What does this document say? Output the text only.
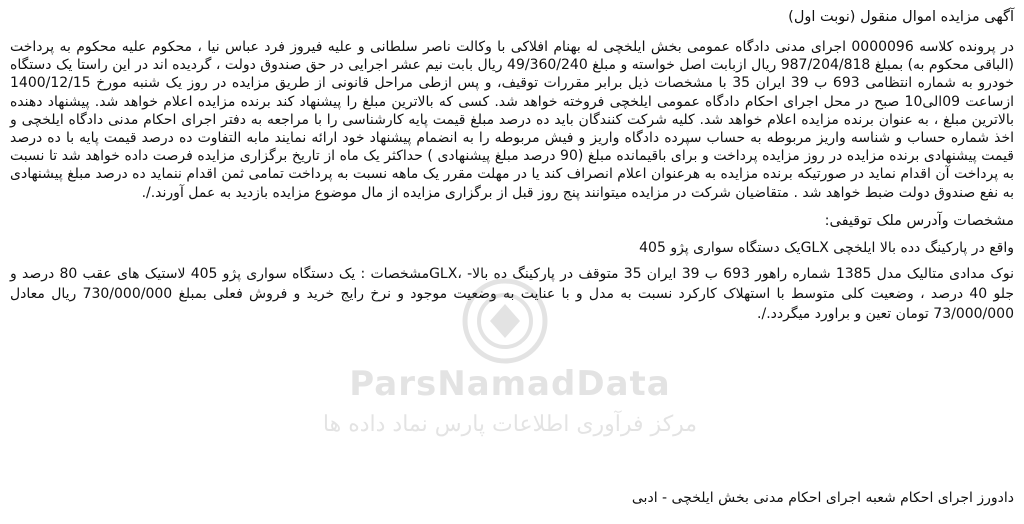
آگهی مزایده اموال منقول (نوبت اول)

در پرونده کلاسه 0000096 اجرای مدنی دادگاه عمومی بخش ایلخچی له بهنام افلاکی با وکالت ناصر سلطانی و علیه فیروز فرد عباس نیا ، محکوم علیه محکوم به پرداخت (الباقی محکوم به) بمبلغ 987/204/818 ریال ازبابت اصل خواسته و مبلغ 49/360/240 ریال بابت نیم عشر اجرایی در حق صندوق دولت ، گردیده اند در این راستا یک دستگاه خودرو به شماره انتظامی 693 ب 39 ایران 35 با مشخصات ذیل برابر مقررات توقیف، و پس ازطی مراحل قانونی از طریق مزایده در روز یک شنبه مورخ 1400/12/15 ازساعت 09الی10 صبح در محل اجرای احکام دادگاه عمومی ایلخچی فروخته خواهد شد. کسی که بالاترین مبلغ را پیشنهاد کند برنده مزایده اعلام خواهد شد. پیشنهاد دهنده بالاترین مبلغ ، به عنوان برنده مزایده اعلام خواهد شد. کلیه شرکت کنندگان باید ده درصد مبلغ قیمت پایه کارشناسی را با مراجعه به دفتر اجرای احکام مدنی دادگاه ایلخچی و اخذ شماره حساب و شناسه واریز مربوطه به حساب سپرده دادگاه واریز و فیش مربوطه را به انضمام پیشنهاد خود ارائه نمایند مابه التفاوت ده درصد قیمت پایه با ده درصد قیمت پیشنهادی برنده مزایده در روز مزایده پرداخت و برای باقیمانده مبلغ (90 درصد مبلغ پیشنهادی ) حداکثر یک ماه از تاریخ برگزاری مزایده فرصت داده خواهد شد تا نسبت به پرداخت آن اقدام نماید در صورتیکه برنده مزایده به هرعنوان اعلام انصراف کند یا در مهلت مقرر یک ماهه نسبت به پرداخت تمامی ثمن اقدام ننماید ده درصد مبلغ پیشنهادی به نفع صندوق دولت ضبط خواهد شد . متقاضیان شرکت در مزایده میتوانند پنج روز قبل از برگزاری مزایده از مال موضوع مزایده بازدید به عمل آورند./.

مشخصات وآدرس ملک توقیفی:
واقع در پارکینگ دده بالا ایلخچی GLXیک دستگاه سواری پژو 405

نوک مدادی متالیک مدل 1385 شماره راهور 693 ب 39 ایران 35 متوقف در پارکینگ ده بالا- ،GLXمشخصات : یک دستگاه سواری پژو 405 لاستیک های عقب 80 درصد و جلو 40 درصد ، وضعیت کلی متوسط با استهلاک کارکرد نسبت به مدل و با عنایت به وضعیت موجود و نرخ رایج خرید و فروش فعلی بمبلغ 730/000/000 ریال معادل 73/000/000 تومان تعین و براورد میگردد./.

دادورز اجرای احکام شعبه اجرای احکام مدنی بخش ایلخچی - ادبی
ParsNamadData
مرکز فرآوری اطلاعات پارس نماد داده ها
